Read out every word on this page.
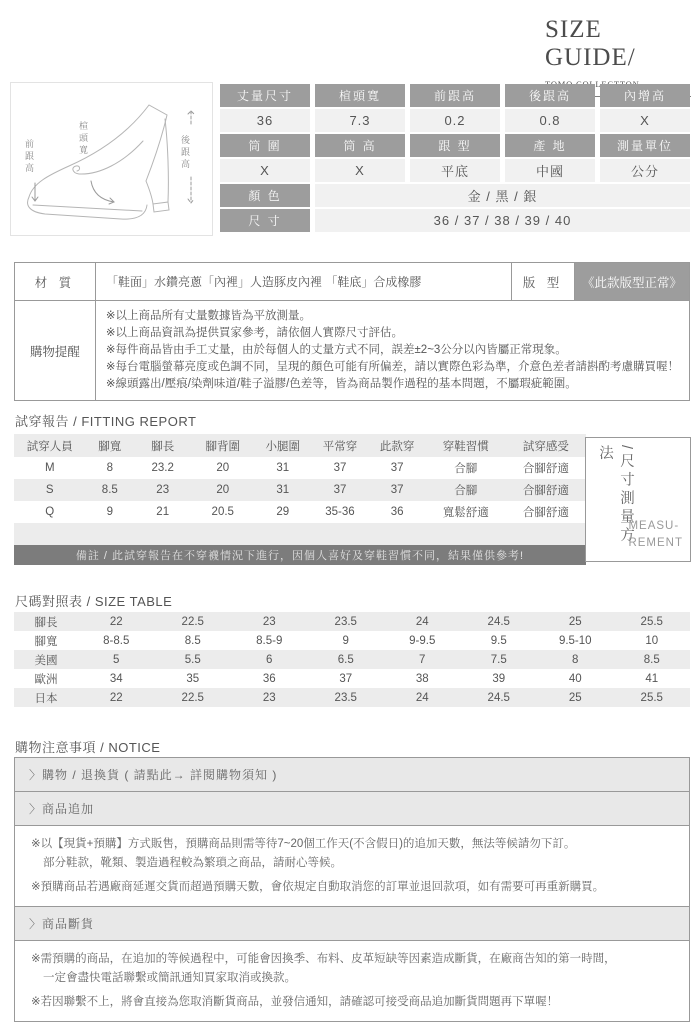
SIZE
GUIDE/
楦頭寬
前跟高	後跟高
丈量尺寸	楦頭寬	前跟高	後跟高	內增高
36	7.3	0.2	0.8	X
筒 圍	筒 高	跟 型	產 地	測量單位
X	X	平底	中國	公分
顏 色	金 / 黑 / 銀
尺 寸	36 / 37 / 38 / 39 / 40
材 質	「鞋面」水鑽亮蔥「內裡」人造豚皮內裡 「鞋底」合成橡膠	版 型	《此款版型正常》
購物提醒
※以上商品所有丈量數據皆為平放測量。
※以上商品資訊為提供買家參考，請依個人實際尺寸評估。
※每件商品皆由手工丈量，由於每個人的丈量方式不同，誤差±2~3公分以內皆屬正常現象。
※每台電腦螢幕亮度或色調不同，呈現的顏色可能有所偏差，請以實際色彩為準，介意色差者請斟酌考慮購買喔！
※線頭露出/壓痕/染劑味道/鞋子溢膠/色差等，皆為商品製作過程的基本問題，不屬瑕疵範圍。
試穿報告 / FITTING REPORT
試穿人員	腳寬	腳長	腳背圍	小腿圍	平常穿	此款穿	穿鞋習慣	試穿感受
M	8	23.2	20	31	37	37	合腳	合腳舒適
S	8.5	23	20	31	37	37	合腳	合腳舒適
Q	9	21	20.5	29	35-36	36	寬鬆舒適	合腳舒適
備註 / 此試穿報告在不穿襪情況下進行，因個人喜好及穿鞋習慣不同，結果僅供參考!
/尺寸測量方法
MEASU-
REMENT
尺碼對照表 / SIZE TABLE
腳長	22	22.5	23	23.5	24	24.5	25	25.5
腳寬	8-8.5	8.5	8.5-9	9	9-9.5	9.5	9.5-10	10
美國	5	5.5	6	6.5	7	7.5	8	8.5
歐洲	34	35	36	37	38	39	40	41
日本	22	22.5	23	23.5	24	24.5	25	25.5
購物注意事項 / NOTICE
〉購物 / 退換貨 ( 請點此→ 詳閱購物須知 )
〉商品追加
※以【現貨+預購】方式販售，預購商品則需等待7~20個工作天(不含假日)的追加天數，無法等候請勿下訂。
部分鞋款，靴類、製造過程較為繁瑣之商品，請耐心等候。
※預購商品若遇廠商延遲交貨而超過預購天數，會依規定自動取消您的訂單並退回款項，如有需要可再重新購買。
〉商品斷貨
※需預購的商品，在追加的等候過程中，可能會因換季、布料、皮革短缺等因素造成斷貨，在廠商告知的第一時間，
一定會盡快電話聯繫或簡訊通知買家取消或換款。
※若因聯繫不上，將會直接為您取消斷貨商品，並發信通知，請確認可接受商品追加斷貨問題再下單喔！
